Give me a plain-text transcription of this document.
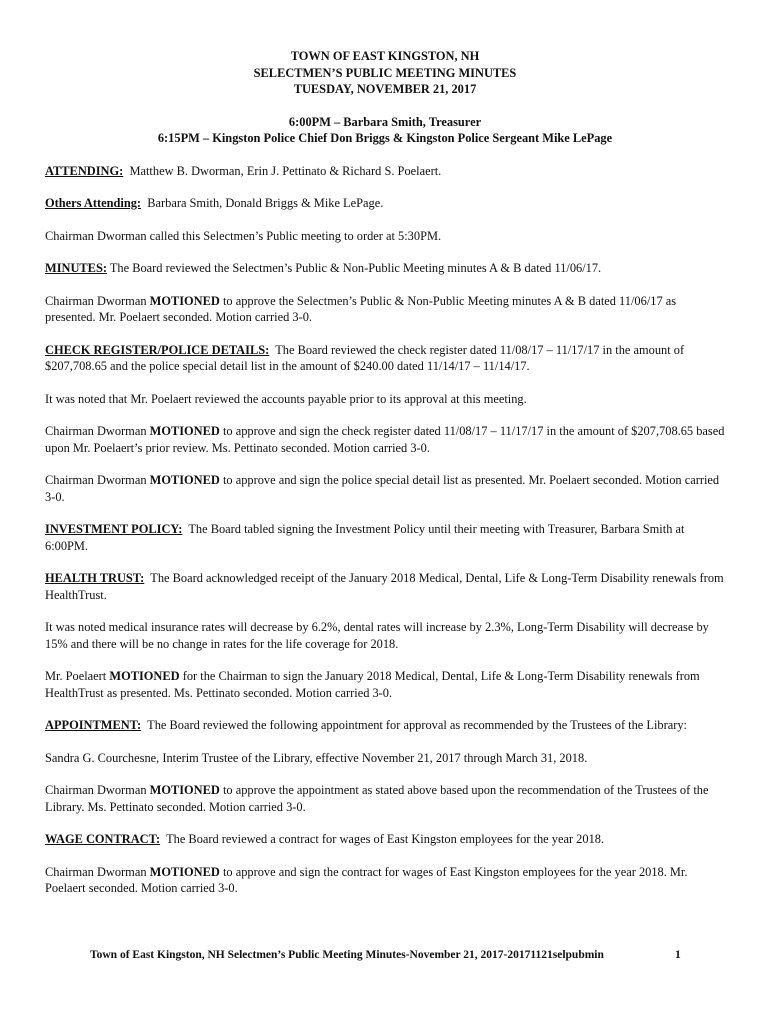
TOWN OF EAST KINGSTON, NH

SELECTMEN’S PUBLIC MEETING MINUTES

TUESDAY, NOVEMBER 21, 2017

6:00PM – Barbara Smith, Treasurer

6:15PM – Kingston Police Chief Don Briggs & Kingston Police Sergeant Mike LePage

ATTENDING: Matthew B. Dworman, Erin J. Pettinato & Richard S. Poelaert.

Others Attending: Barbara Smith, Donald Briggs & Mike LePage.

Chairman Dworman called this Selectmen’s Public meeting to order at 5:30PM.

MINUTES: The Board reviewed the Selectmen’s Public & Non-Public Meeting minutes A & B dated 11/06/17.

Chairman Dworman MOTIONED to approve the Selectmen’s Public & Non-Public Meeting minutes A & B dated 11/06/17 as presented. Mr. Poelaert seconded. Motion carried 3-0.

CHECK REGISTER/POLICE DETAILS: The Board reviewed the check register dated 11/08/17 – 11/17/17 in the amount of $207,708.65 and the police special detail list in the amount of $240.00 dated 11/14/17 – 11/14/17.

It was noted that Mr. Poelaert reviewed the accounts payable prior to its approval at this meeting.

Chairman Dworman MOTIONED to approve and sign the check register dated 11/08/17 – 11/17/17 in the amount of $207,708.65 based upon Mr. Poelaert’s prior review. Ms. Pettinato seconded. Motion carried 3-0.

Chairman Dworman MOTIONED to approve and sign the police special detail list as presented. Mr. Poelaert seconded. Motion carried 3-0.

INVESTMENT POLICY: The Board tabled signing the Investment Policy until their meeting with Treasurer, Barbara Smith at 6:00PM.

HEALTH TRUST: The Board acknowledged receipt of the January 2018 Medical, Dental, Life & Long-Term Disability renewals from HealthTrust.

It was noted medical insurance rates will decrease by 6.2%, dental rates will increase by 2.3%, Long-Term Disability will decrease by 15% and there will be no change in rates for the life coverage for 2018.

Mr. Poelaert MOTIONED for the Chairman to sign the January 2018 Medical, Dental, Life & Long-Term Disability renewals from HealthTrust as presented. Ms. Pettinato seconded. Motion carried 3-0.

APPOINTMENT: The Board reviewed the following appointment for approval as recommended by the Trustees of the Library:

Sandra G. Courchesne, Interim Trustee of the Library, effective November 21, 2017 through March 31, 2018.

Chairman Dworman MOTIONED to approve the appointment as stated above based upon the recommendation of the Trustees of the Library. Ms. Pettinato seconded. Motion carried 3-0.

WAGE CONTRACT: The Board reviewed a contract for wages of East Kingston employees for the year 2018.

Chairman Dworman MOTIONED to approve and sign the contract for wages of East Kingston employees for the year 2018. Mr. Poelaert seconded. Motion carried 3-0.

Town of East Kingston, NH Selectmen’s Public Meeting Minutes-November 21, 2017-20171121selpubmin	1
